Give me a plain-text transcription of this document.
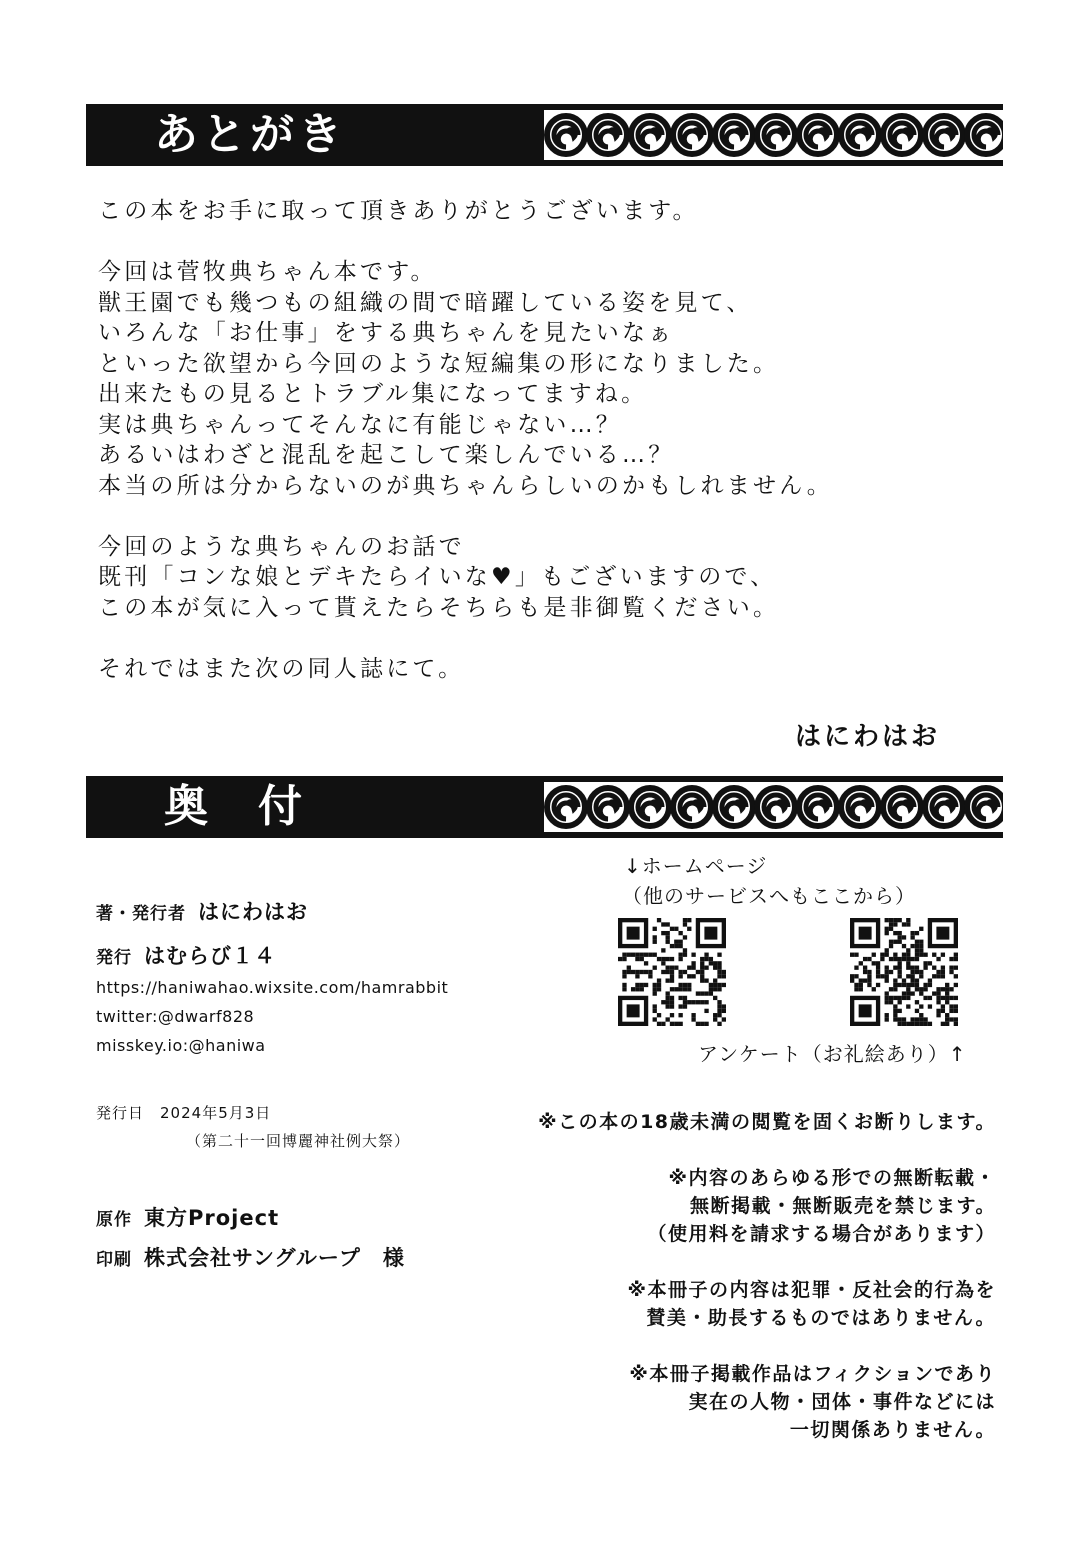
あとがき

この本をお手に取って頂きありがとうございます。

今回は菅牧典ちゃん本です。

獣王園でも幾つもの組織の間で暗躍している姿を見て、

いろんな「お仕事」をする典ちゃんを見たいなぁ

といった欲望から今回のような短編集の形になりました。

出来たもの見るとトラブル集になってますね。

実は典ちゃんってそんなに有能じゃない…？

あるいはわざと混乱を起こして楽しんでいる…？

本当の所は分からないのが典ちゃんらしいのかもしれません。

今回のような典ちゃんのお話で

既刊「コンな娘とデキたらイいな♥」もございますので、

この本が気に入って貰えたらそちらも是非御覧ください。

それではまた次の同人誌にて。

はにわはお
奥付
著・発行者 はにわはお
発行 はむらび１４
https://haniwahao.wixsite.com/hamrabbit
twitter:@dwarf828
misskey.io:@haniwa
発行日 2024年5月3日
（第二十一回博麗神社例大祭）
原作 東方Project
印刷 株式会社サングループ　様
↓ホームページ
（他のサービスへもここから）
アンケート（お礼絵あり）↑

※この本の18歳未満の閲覧を固くお断りします。

※内容のあらゆる形での無断転載・

無断掲載・無断販売を禁じます。

（使用料を請求する場合があります）

※本冊子の内容は犯罪・反社会的行為を

賛美・助長するものではありません。

※本冊子掲載作品はフィクションであり

実在の人物・団体・事件などには

一切関係ありません。
